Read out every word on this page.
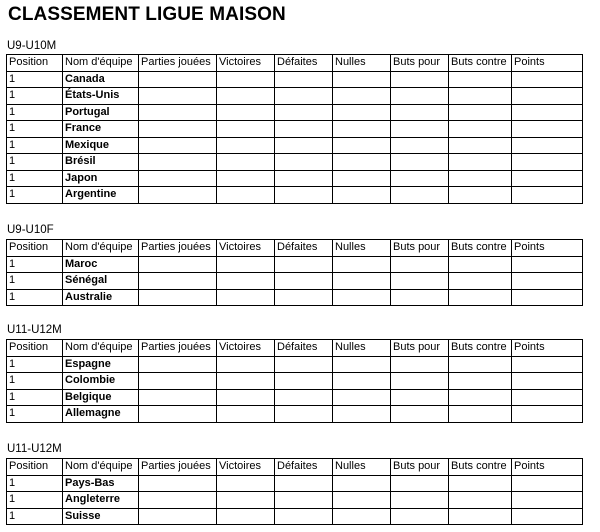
CLASSEMENT LIGUE MAISON
U9-U10M
Position	Nom d'équipe	Parties jouées	Victoires	Défaites	Nulles	Buts pour	Buts contre	Points
1	Canada							
1	États-Unis							
1	Portugal							
1	France							
1	Mexique							
1	Brésil							
1	Japon							
1	Argentine							
U9-U10F
Position	Nom d'équipe	Parties jouées	Victoires	Défaites	Nulles	Buts pour	Buts contre	Points
1	Maroc							
1	Sénégal							
1	Australie							
U11-U12M
Position	Nom d'équipe	Parties jouées	Victoires	Défaites	Nulles	Buts pour	Buts contre	Points
1	Espagne							
1	Colombie							
1	Belgique							
1	Allemagne							
U11-U12M
Position	Nom d'équipe	Parties jouées	Victoires	Défaites	Nulles	Buts pour	Buts contre	Points
1	Pays-Bas							
1	Angleterre							
1	Suisse							
